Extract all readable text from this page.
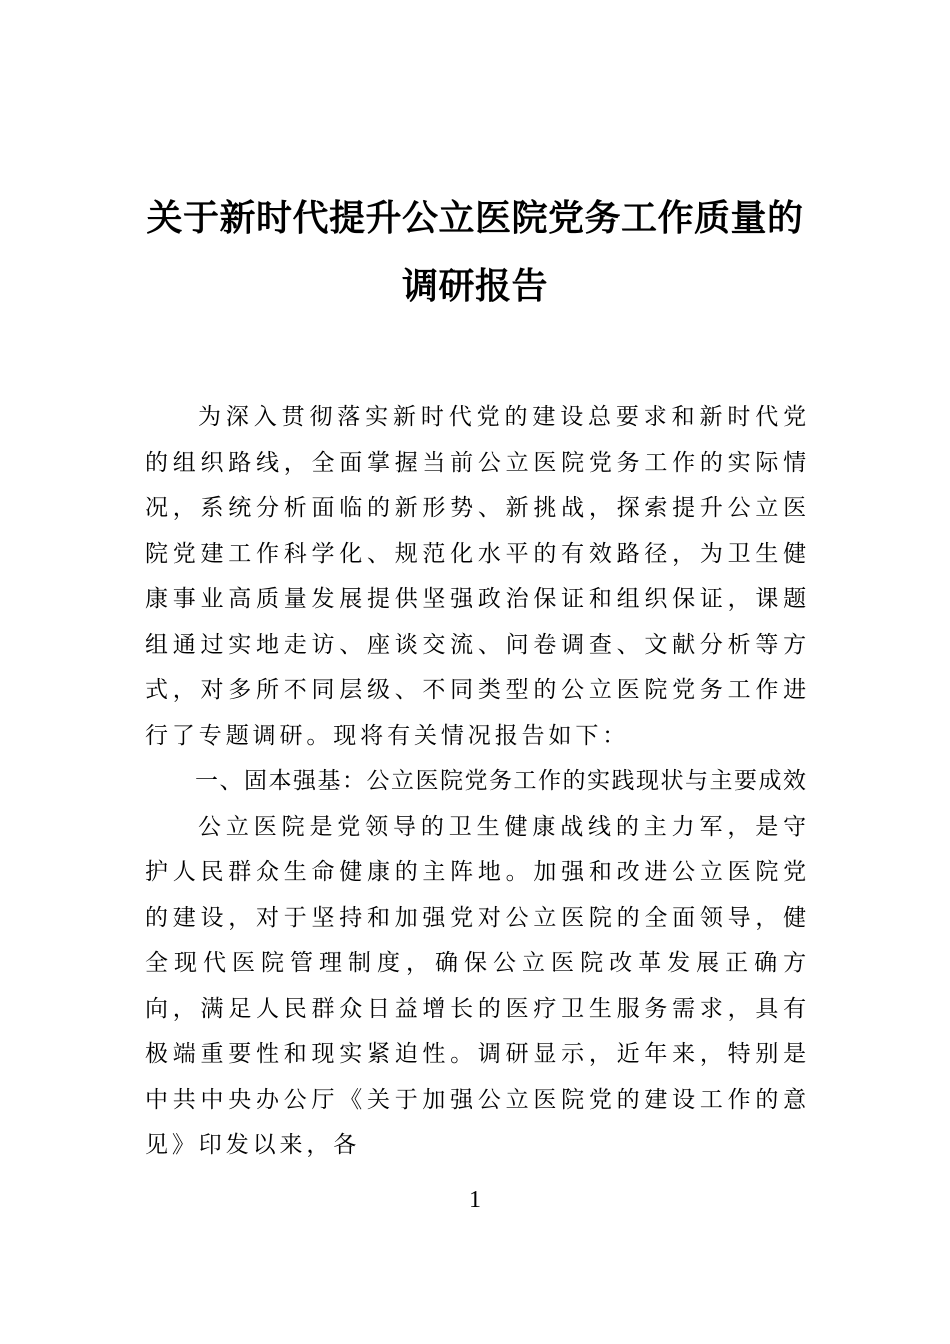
关于新时代提升公立医院党务工作质量的
调研报告

为深入贯彻落实新时代党的建设总要求和新时代党的组织路线，全面掌握当前公立医院党务工作的实际情况，系统分析面临的新形势、新挑战，探索提升公立医院党建工作科学化、规范化水平的有效路径，为卫生健康事业高质量发展提供坚强政治保证和组织保证，课题组通过实地走访、座谈交流、问卷调查、文献分析等方式，对多所不同层级、不同类型的公立医院党务工作进行了专题调研。现将有关情况报告如下：

一、固本强基：公立医院党务工作的实践现状与主要成效

公立医院是党领导的卫生健康战线的主力军，是守护人民群众生命健康的主阵地。加强和改进公立医院党的建设，对于坚持和加强党对公立医院的全面领导，健全现代医院管理制度，确保公立医院改革发展正确方向，满足人民群众日益增长的医疗卫生服务需求，具有极端重要性和现实紧迫性。调研显示，近年来，特别是中共中央办公厅《关于加强公立医院党的建设工作的意见》印发以来，各

1
